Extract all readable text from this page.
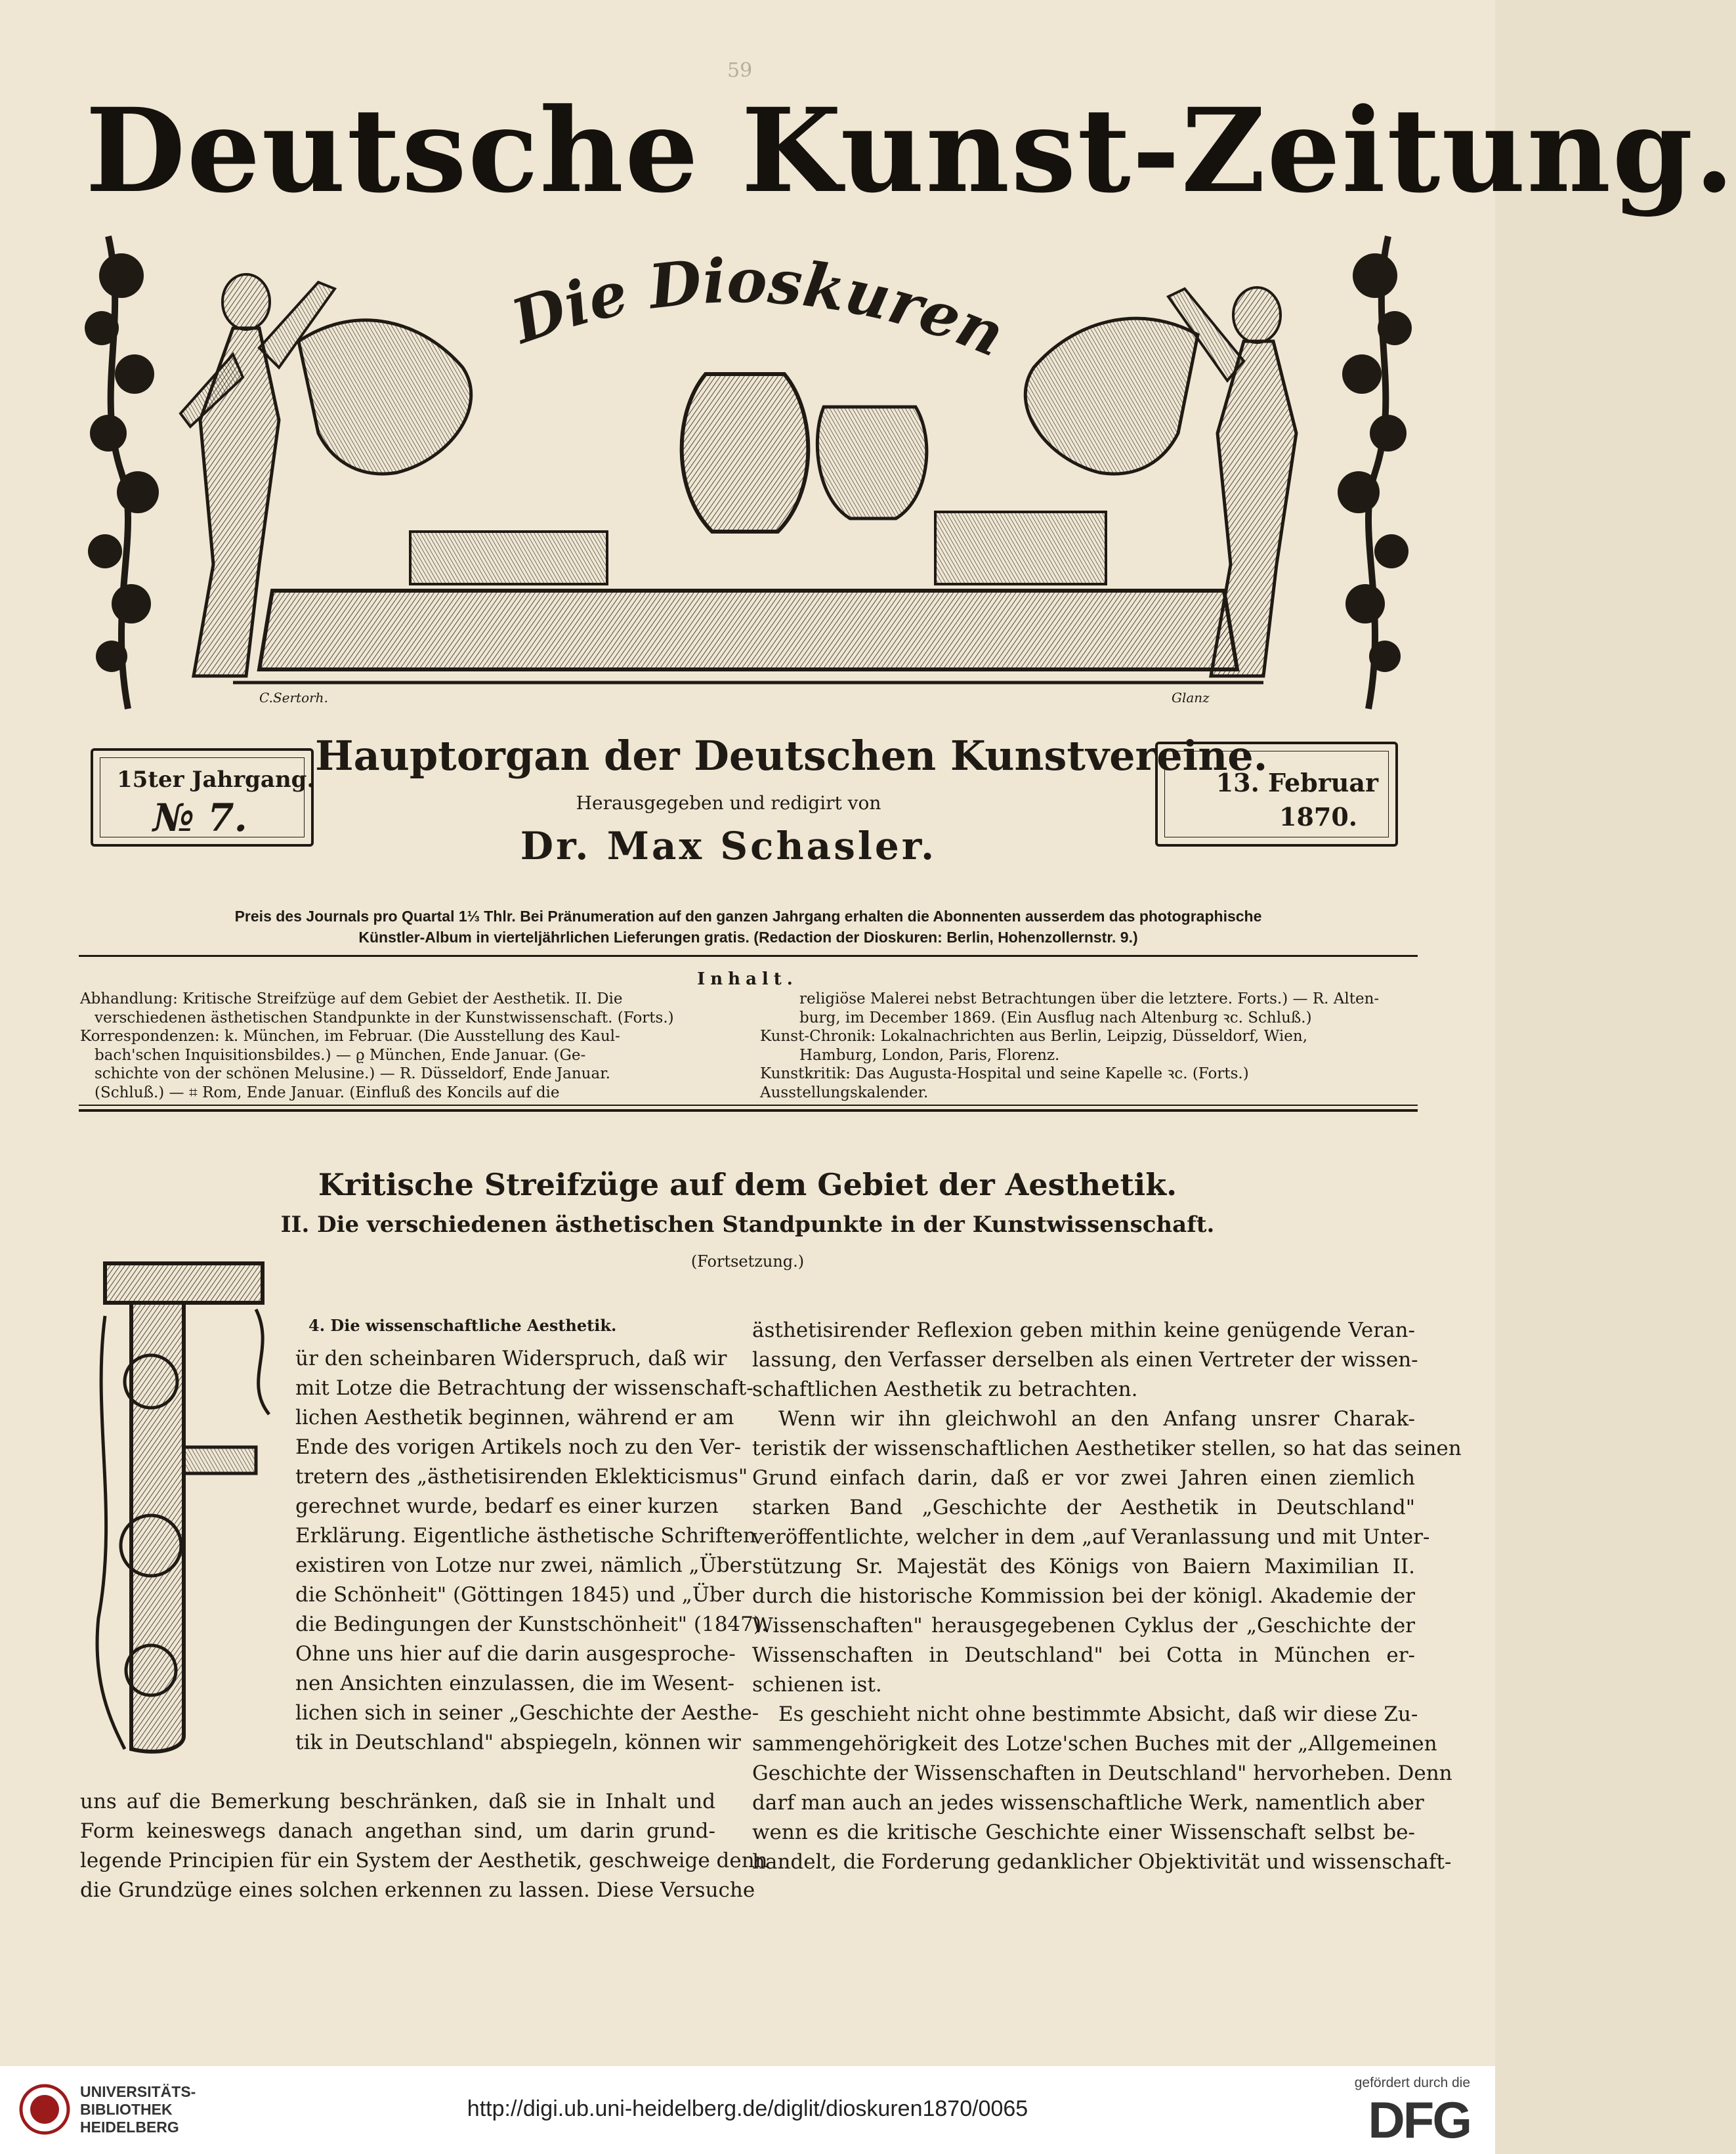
59
Deutsche Kunst-Zeitung.
Die Dioskuren
C.Sertorh.	Glanz
15ter Jahrgang.
№ 7.
Hauptorgan der Deutschen Kunstvereine.
Herausgegeben und redigirt von
Dr. Max Schasler.
13. Februar
1870.
Preis des Journals pro Quartal 1⅓ Thlr. Bei Pränumeration auf den ganzen Jahrgang erhalten die Abonnenten ausserdem das photographische
Künstler-Album in vierteljährlichen Lieferungen gratis. (Redaction der Dioskuren: Berlin, Hohenzollernstr. 9.)
Inhalt.
Abhandlung: Kritische Streifzüge auf dem Gebiet der Aesthetik. II. Die
verschiedenen ästhetischen Standpunkte in der Kunstwissenschaft. (Forts.)
Korrespondenzen: k. München, im Februar. (Die Ausstellung des Kaul-
bach'schen Inquisitionsbildes.) — ϱ München, Ende Januar. (Ge-
schichte von der schönen Melusine.) — R. Düsseldorf, Ende Januar.
(Schluß.) — ⌗ Rom, Ende Januar. (Einfluß des Koncils auf die
religiöse Malerei nebst Betrachtungen über die letztere. Forts.) — R. Alten-
burg, im December 1869. (Ein Ausflug nach Altenburg ꝛc. Schluß.)
Kunst-Chronik: Lokalnachrichten aus Berlin, Leipzig, Düsseldorf, Wien,
Hamburg, London, Paris, Florenz.
Kunstkritik: Das Augusta-Hospital und seine Kapelle ꝛc. (Forts.)
Ausstellungskalender.
Kritische Streifzüge auf dem Gebiet der Aesthetik.
II. Die verschiedenen ästhetischen Standpunkte in der Kunstwissenschaft.
(Fortsetzung.)
4. Die wissenschaftliche Aesthetik.
ür den scheinbaren Widerspruch, daß wir
mit Lotze die Betrachtung der wissenschaft-
lichen Aesthetik beginnen, während er am
Ende des vorigen Artikels noch zu den Ver-
tretern des „ästhetisirenden Eklekticismus"
gerechnet wurde, bedarf es einer kurzen
Erklärung. Eigentliche ästhetische Schriften
existiren von Lotze nur zwei, nämlich „Über
die Schönheit" (Göttingen 1845) und „Über
die Bedingungen der Kunstschönheit" (1847).
Ohne uns hier auf die darin ausgesproche-
nen Ansichten einzulassen, die im Wesent-
lichen sich in seiner „Geschichte der Aesthe-
tik in Deutschland" abspiegeln, können wir
uns auf die Bemerkung beschränken, daß sie in Inhalt und
Form keineswegs danach angethan sind, um darin grund-
legende Principien für ein System der Aesthetik, geschweige denn
die Grundzüge eines solchen erkennen zu lassen. Diese Versuche
ästhetisirender Reflexion geben mithin keine genügende Veran-
lassung, den Verfasser derselben als einen Vertreter der wissen-
schaftlichen Aesthetik zu betrachten.
Wenn wir ihn gleichwohl an den Anfang unsrer Charak-
teristik der wissenschaftlichen Aesthetiker stellen, so hat das seinen
Grund einfach darin, daß er vor zwei Jahren einen ziemlich
starken Band „Geschichte der Aesthetik in Deutschland"
veröffentlichte, welcher in dem „auf Veranlassung und mit Unter-
stützung Sr. Majestät des Königs von Baiern Maximilian II.
durch die historische Kommission bei der königl. Akademie der
Wissenschaften" herausgegebenen Cyklus der „Geschichte der
Wissenschaften in Deutschland" bei Cotta in München er-
schienen ist.
Es geschieht nicht ohne bestimmte Absicht, daß wir diese Zu-
sammengehörigkeit des Lotze'schen Buches mit der „Allgemeinen
Geschichte der Wissenschaften in Deutschland" hervorheben. Denn
darf man auch an jedes wissenschaftliche Werk, namentlich aber
wenn es die kritische Geschichte einer Wissenschaft selbst be-
handelt, die Forderung gedanklicher Objektivität und wissenschaft-
UNIVERSITÄTS-
BIBLIOTHEK
HEIDELBERG
http://digi.ub.uni-heidelberg.de/diglit/dioskuren1870/0065
gefördert durch die
DFG
